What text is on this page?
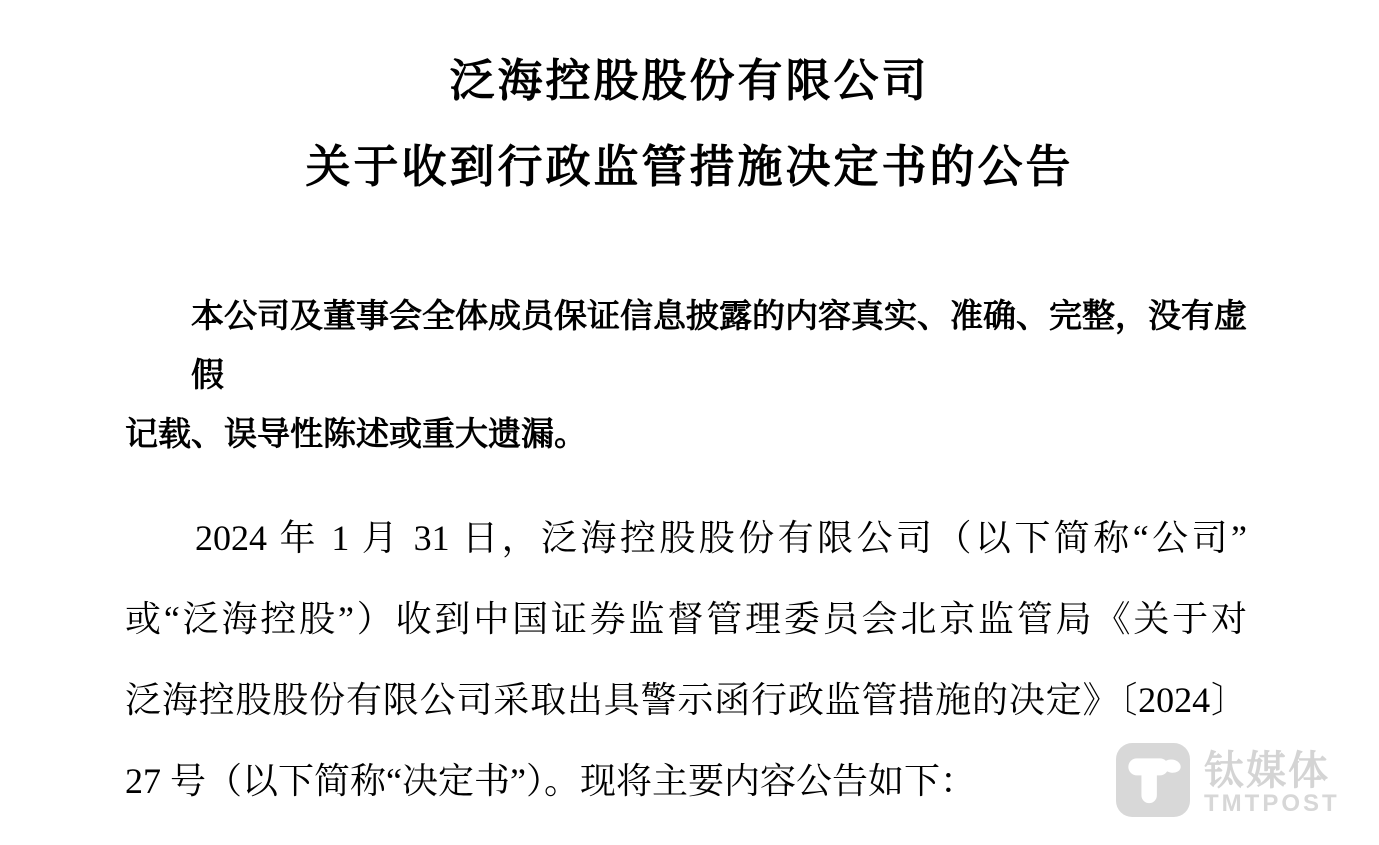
泛海控股股份有限公司
关于收到行政监管措施决定书的公告
本公司及董事会全体成员保证信息披露的内容真实、准确、完整，没有虚假
记载、误导性陈述或重大遗漏。
2024 年 1 月 31 日，泛海控股股份有限公司（以下简称“公司”
或“泛海控股”）收到中国证券监督管理委员会北京监管局《关于对
泛海控股股份有限公司采取出具警示函行政监管措施的决定》〔2024〕
27 号（以下简称“决定书”）。现将主要内容公告如下：	钛媒体
TMTPOST
